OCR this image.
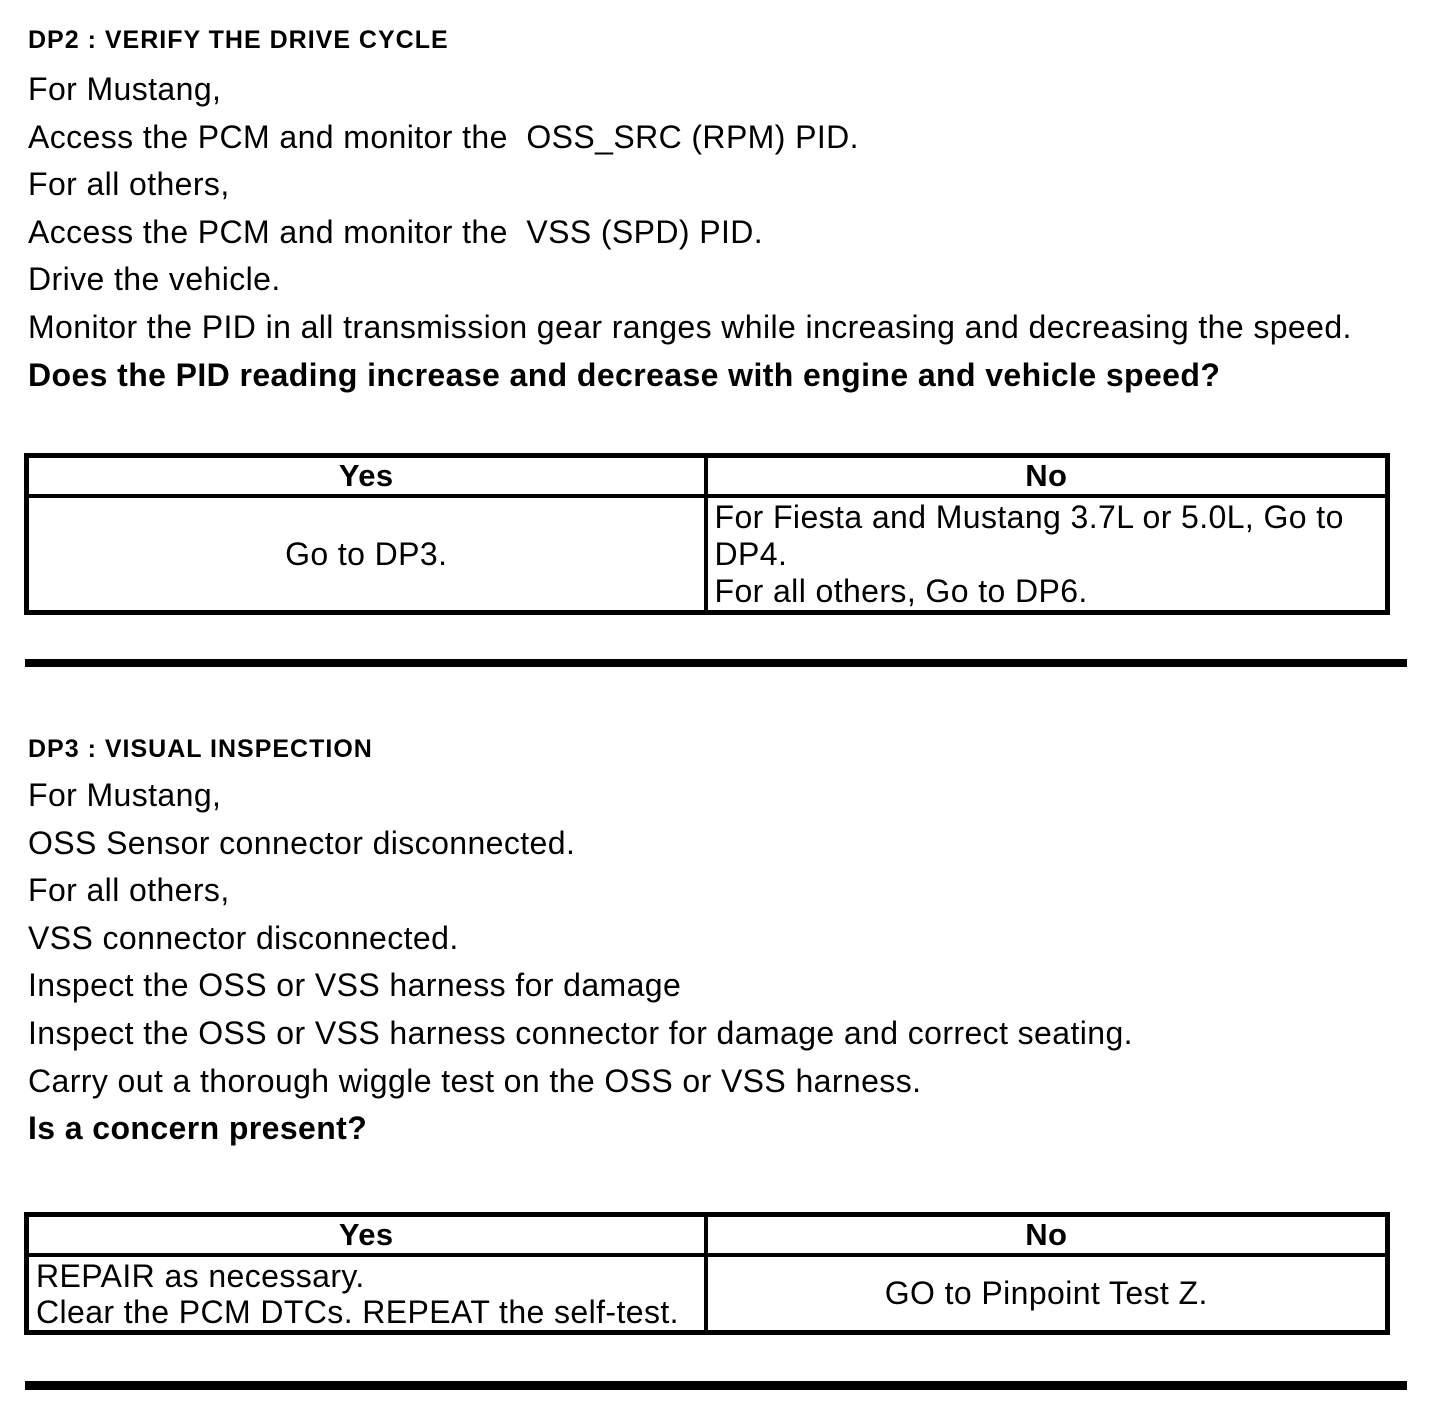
DP2 : VERIFY THE DRIVE CYCLE
For Mustang,
Access the PCM and monitor the  OSS_SRC (RPM) PID.
For all others,
Access the PCM and monitor the  VSS (SPD) PID.
Drive the vehicle.
Monitor the PID in all transmission gear ranges while increasing and decreasing the speed.
Does the PID reading increase and decrease with engine and vehicle speed?
Yes	No
Go to DP3.	For Fiesta and Mustang 3.7L or 5.0L, Go to DP4.
For all others, Go to DP6.
DP3 : VISUAL INSPECTION
For Mustang,
OSS Sensor connector disconnected.
For all others,
VSS connector disconnected.
Inspect the OSS or VSS harness for damage
Inspect the OSS or VSS harness connector for damage and correct seating.
Carry out a thorough wiggle test on the OSS or VSS harness.
Is a concern present?
Yes	No

REPAIR as necessary.
Clear the PCM DTCs. REPEAT the self-test.	GO to Pinpoint Test Z.
